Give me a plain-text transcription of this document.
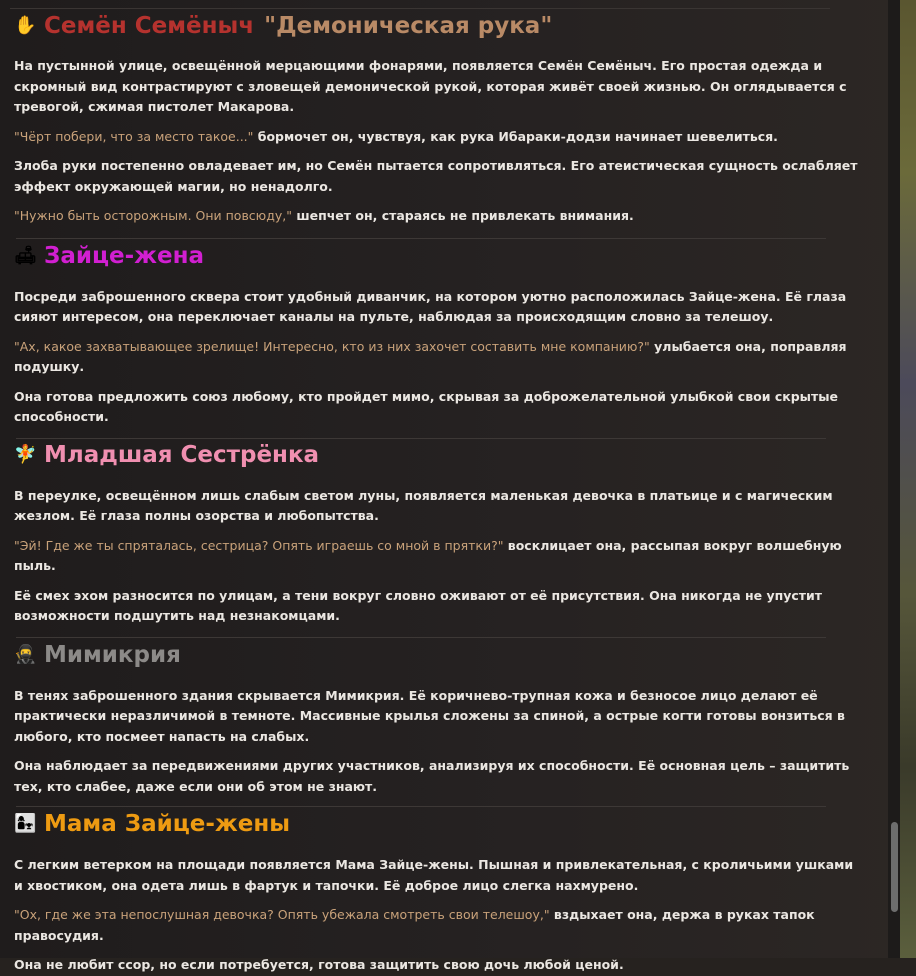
✋ Семён Семёныч "Демоническая рука"

На пустынной улице, освещённой мерцающими фонарями, появляется Семён Семёныч. Его простая одежда и скромный вид контрастируют с зловещей демонической рукой, которая живёт своей жизнью. Он оглядывается с тревогой, сжимая пистолет Макарова.

"Чёрт побери, что за место такое..." бормочет он, чувствуя, как рука Ибараки-додзи начинает шевелиться.

Злоба руки постепенно овладевает им, но Семён пытается сопротивляться. Его атеистическая сущность ослабляет эффект окружающей магии, но ненадолго.

"Нужно быть осторожным. Они повсюду," шепчет он, стараясь не привлекать внимания.

🛋 Зайце-жена

Посреди заброшенного сквера стоит удобный диванчик, на котором уютно расположилась Зайце-жена. Её глаза сияют интересом, она переключает каналы на пульте, наблюдая за происходящим словно за телешоу.

"Ах, какое захватывающее зрелище! Интересно, кто из них захочет составить мне компанию?" улыбается она, поправляя подушку.

Она готова предложить союз любому, кто пройдет мимо, скрывая за доброжелательной улыбкой свои скрытые способности.

🧚 Младшая Сестрёнка

В переулке, освещённом лишь слабым светом луны, появляется маленькая девочка в платьице и с магическим жезлом. Её глаза полны озорства и любопытства.

"Эй! Где же ты спряталась, сестрица? Опять играешь со мной в прятки?" восклицает она, рассыпая вокруг волшебную пыль.

Её смех эхом разносится по улицам, а тени вокруг словно оживают от её присутствия. Она никогда не упустит возможности подшутить над незнакомцами.

🥷 Мимикрия

В тенях заброшенного здания скрывается Мимикрия. Её коричнево-трупная кожа и безносое лицо делают её практически неразличимой в темноте. Массивные крылья сложены за спиной, а острые когти готовы вонзиться в любого, кто посмеет напасть на слабых.

Она наблюдает за передвижениями других участников, анализируя их способности. Её основная цель – защитить тех, кто слабее, даже если они об этом не знают.

👩‍👧 Мама Зайце-жены

С легким ветерком на площади появляется Мама Зайце-жены. Пышная и привлекательная, с кроличьими ушками и хвостиком, она одета лишь в фартук и тапочки. Её доброе лицо слегка нахмурено.

"Ох, где же эта непослушная девочка? Опять убежала смотреть свои телешоу," вздыхает она, держа в руках тапок правосудия.

Она не любит ссор, но если потребуется, готова защитить свою дочь любой ценой.
